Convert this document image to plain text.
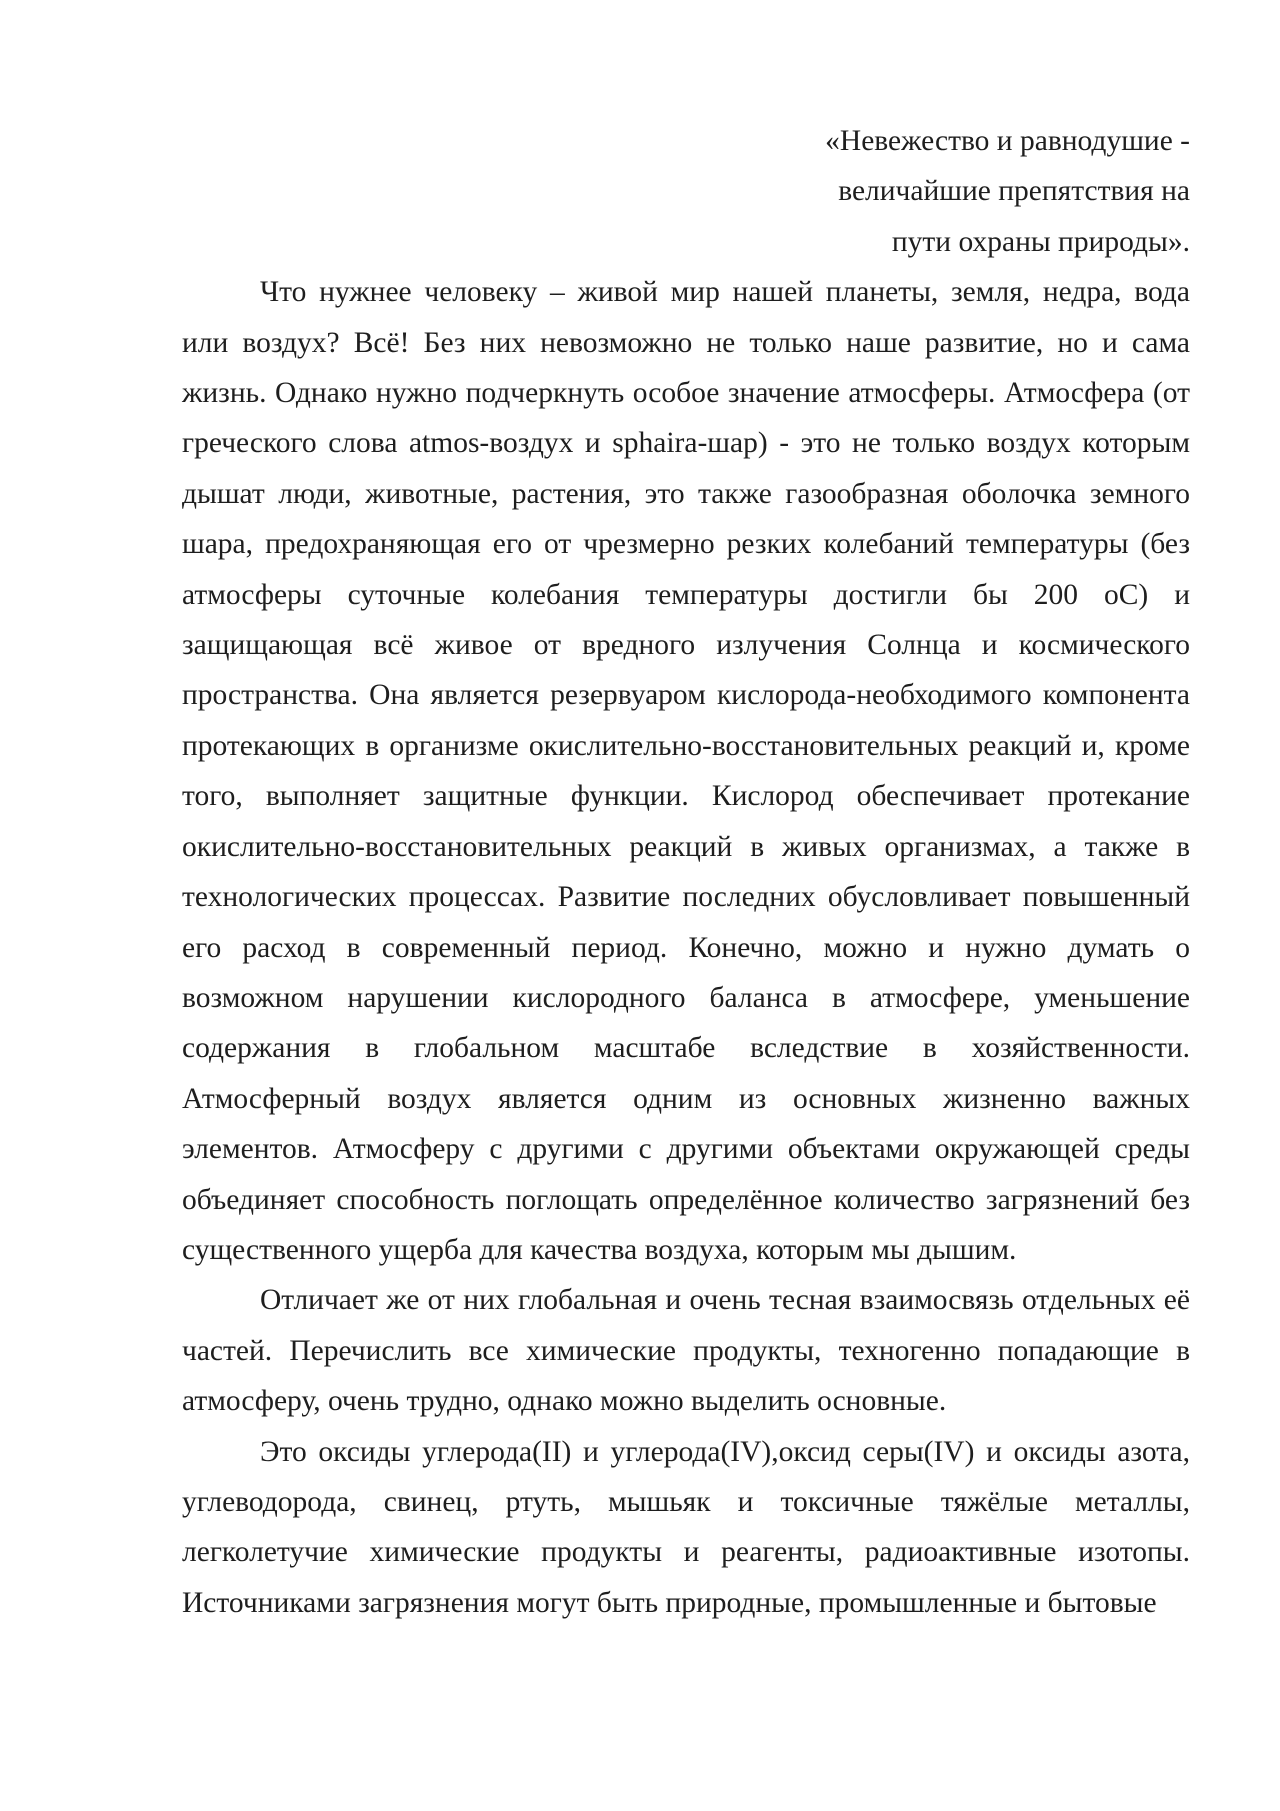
«Невежество и равнодушие -
величайшие препятствия на
пути охраны природы».

Что нужнее человеку – живой мир нашей планеты, земля, недра, вода или воздух? Всё! Без них невозможно не только наше развитие, но и сама жизнь. Однако нужно подчеркнуть особое значение атмосферы. Атмосфера (от греческого слова atmos-воздух и sphaira-шар) - это не только воздух которым дышат люди, животные, растения, это также газообразная оболочка земного шара, предохраняющая его от чрезмерно резких колебаний температуры (без атмосферы суточные колебания температуры достигли бы 200 оС) и защищающая всё живое от вредного излучения Солнца и космического пространства. Она является резервуаром кислорода-необходимого компонента протекающих в организме окислительно-восстановительных реакций и, кроме того, выполняет защитные функции. Кислород обеспечивает протекание окислительно-восстановительных реакций в живых организмах, а также в технологических процессах. Развитие последних обусловливает повышенный его расход в современный период. Конечно, можно и нужно думать о возможном нарушении кислородного баланса в атмосфере, уменьшение содержания в глобальном масштабе вследствие в хозяйственности. Атмосферный воздух является одним из основных жизненно важных элементов. Атмосферу с другими с другими объектами окружающей среды объединяет способность поглощать определённое количество загрязнений без существенного ущерба для качества воздуха, которым мы дышим.

Отличает же от них глобальная и очень тесная взаимосвязь отдельных её частей. Перечислить все химические продукты, техногенно попадающие в атмосферу, очень трудно, однако можно выделить основные.

Это оксиды углерода(II) и углерода(IV),оксид серы(IV) и оксиды азота, углеводорода, свинец, ртуть, мышьяк и токсичные тяжёлые металлы, легколетучие химические продукты и реагенты, радиоактивные изотопы. Источниками загрязнения могут быть природные, промышленные и бытовые
